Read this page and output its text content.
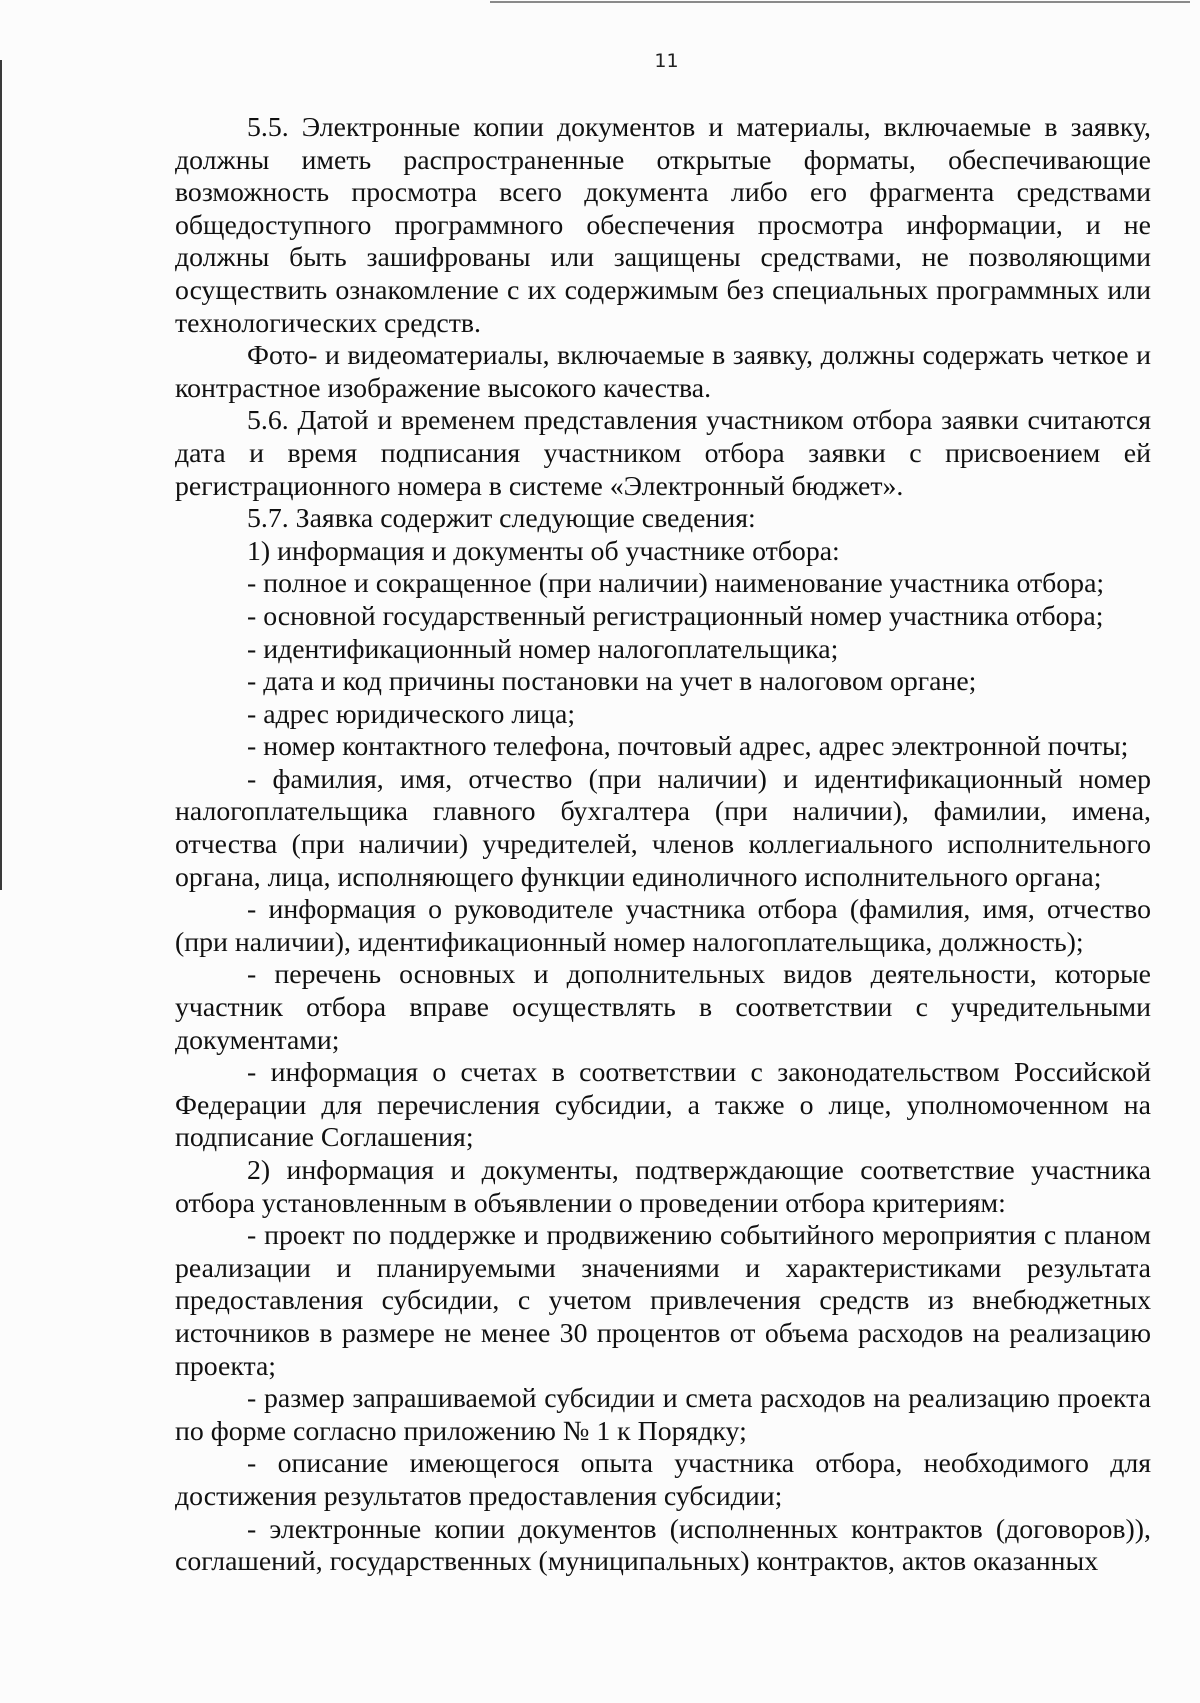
11

5.5. Электронные копии документов и материалы, включаемые в заявку, должны иметь распространенные открытые форматы, обеспечивающие возможность просмотра всего документа либо его фрагмента средствами общедоступного программного обеспечения просмотра информации, и не должны быть зашифрованы или защищены средствами, не позволяющими осуществить ознакомление с их содержимым без специальных программных или технологических средств.

Фото- и видеоматериалы, включаемые в заявку, должны содержать четкое и контрастное изображение высокого качества.

5.6. Датой и временем представления участником отбора заявки считаются дата и время подписания участником отбора заявки с присвоением ей регистрационного номера в системе «Электронный бюджет».

5.7. Заявка содержит следующие сведения:

1) информация и документы об участнике отбора:

- полное и сокращенное (при наличии) наименование участника отбора;

- основной государственный регистрационный номер участника отбора;

- идентификационный номер налогоплательщика;

- дата и код причины постановки на учет в налоговом органе;

- адрес юридического лица;

- номер контактного телефона, почтовый адрес, адрес электронной почты;

- фамилия, имя, отчество (при наличии) и идентификационный номер налогоплательщика главного бухгалтера (при наличии), фамилии, имена, отчества (при наличии) учредителей, членов коллегиального исполнительного органа, лица, исполняющего функции единоличного исполнительного органа;

- информация о руководителе участника отбора (фамилия, имя, отчество (при наличии), идентификационный номер налогоплательщика, должность);

- перечень основных и дополнительных видов деятельности, которые участник отбора вправе осуществлять в соответствии с учредительными документами;

- информация о счетах в соответствии с законодательством Российской Федерации для перечисления субсидии, а также о лице, уполномоченном на подписание Соглашения;

2) информация и документы, подтверждающие соответствие участника отбора установленным в объявлении о проведении отбора критериям:

- проект по поддержке и продвижению событийного мероприятия с планом реализации и планируемыми значениями и характеристиками результата предоставления субсидии, с учетом привлечения средств из внебюджетных источников в размере не менее 30 процентов от объема расходов на реализацию проекта;

- размер запрашиваемой субсидии и смета расходов на реализацию проекта по форме согласно приложению № 1 к Порядку;

- описание имеющегося опыта участника отбора, необходимого для достижения результатов предоставления субсидии;

- электронные копии документов (исполненных контрактов (договоров)), соглашений, государственных (муниципальных) контрактов, актов оказанных
